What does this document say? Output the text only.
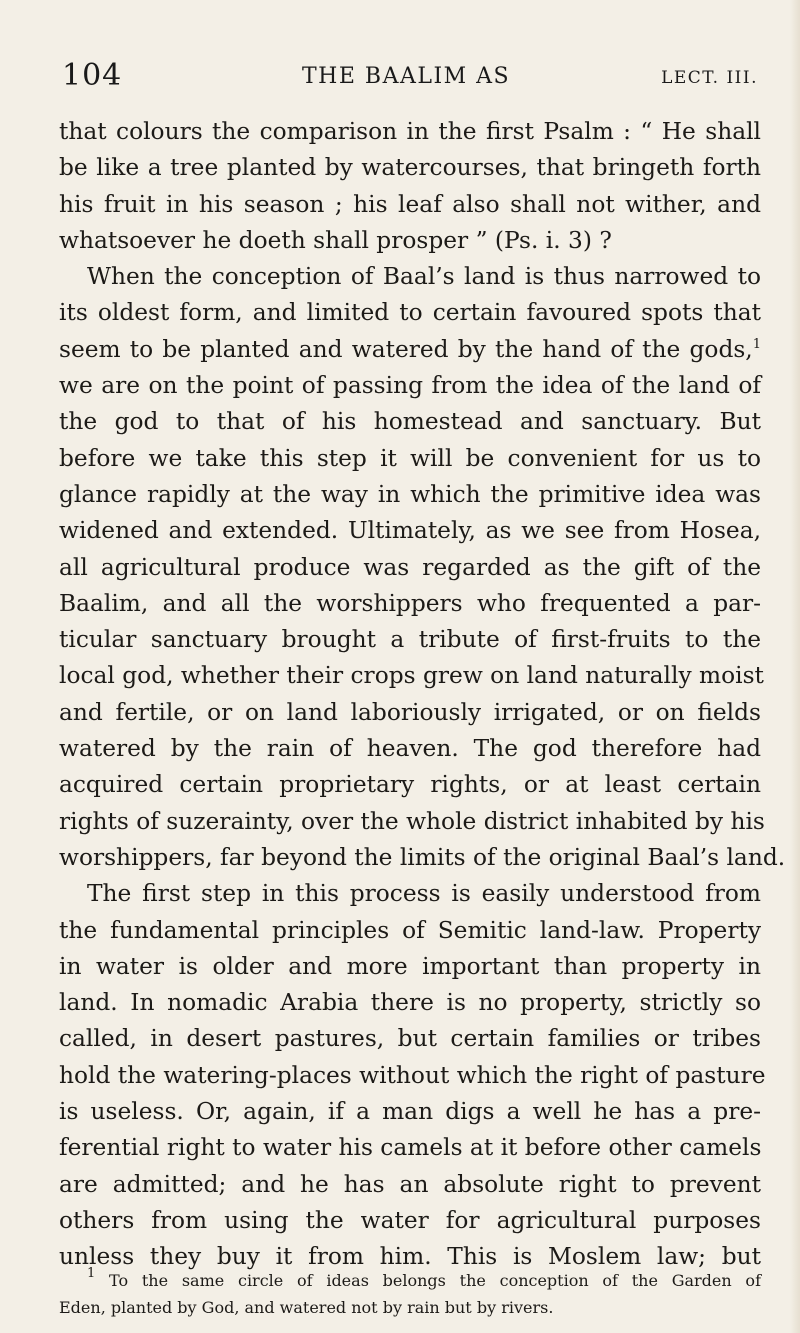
104	THE BAALIM AS	LECT. III.
that colours the comparison in the first Psalm : “ He shall
be like a tree planted by watercourses, that bringeth forth
his fruit in his season ; his leaf also shall not wither, and
whatsoever he doeth shall prosper ” (Ps. i. 3) ?
When the conception of Baal’s land is thus narrowed to
its oldest form, and limited to certain favoured spots that
seem to be planted and watered by the hand of the gods,$^1$
we are on the point of passing from the idea of the land of
the god to that of his homestead and sanctuary. But
before we take this step it will be convenient for us to
glance rapidly at the way in which the primitive idea was
widened and extended. Ultimately, as we see from Hosea,
all agricultural produce was regarded as the gift of the
Baalim, and all the worshippers who frequented a par-
ticular sanctuary brought a tribute of first-fruits to the
local god, whether their crops grew on land naturally moist
and fertile, or on land laboriously irrigated, or on fields
watered by the rain of heaven. The god therefore had
acquired certain proprietary rights, or at least certain
rights of suzerainty, over the whole district inhabited by his
worshippers, far beyond the limits of the original Baal’s land.
The first step in this process is easily understood from
the fundamental principles of Semitic land-law. Property
in water is older and more important than property in
land. In nomadic Arabia there is no property, strictly so
called, in desert pastures, but certain families or tribes
hold the watering-places without which the right of pasture
is useless. Or, again, if a man digs a well he has a pre-
ferential right to water his camels at it before other camels
are admitted; and he has an absolute right to prevent
others from using the water for agricultural purposes
unless they buy it from him. This is Moslem law; but
$^1$ To the same circle of ideas belongs the conception of the Garden of
Eden, planted by God, and watered not by rain but by rivers.
